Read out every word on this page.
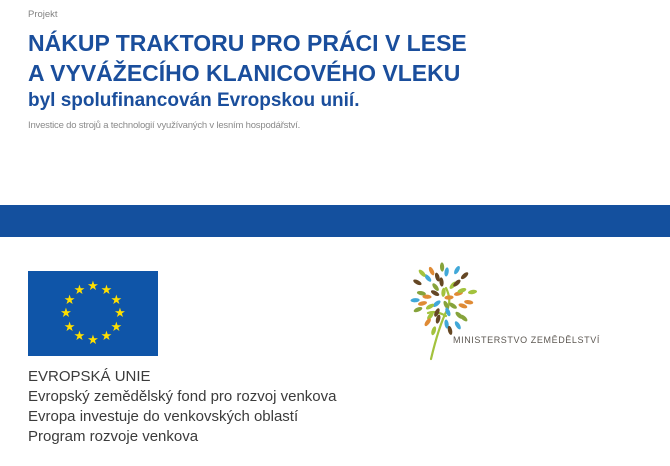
Projekt
NÁKUP TRAKTORU PRO PRÁCI V LESE
A VYVÁŽECÍHO KLANICOVÉHO VLEKU
byl spolufinancován Evropskou unií.

Investice do strojů a technologií využívaných v lesním hospodářství.

★ ★
★
★
★
★
★
★
★
★
★
★
EVROPSKÁ UNIE
Evropský zemědělský fond pro rozvoj venkova
Evropa investuje do venkovských oblastí
Program rozvoje venkova
MINISTERSTVO ZEMĚDĚLSTVÍ
